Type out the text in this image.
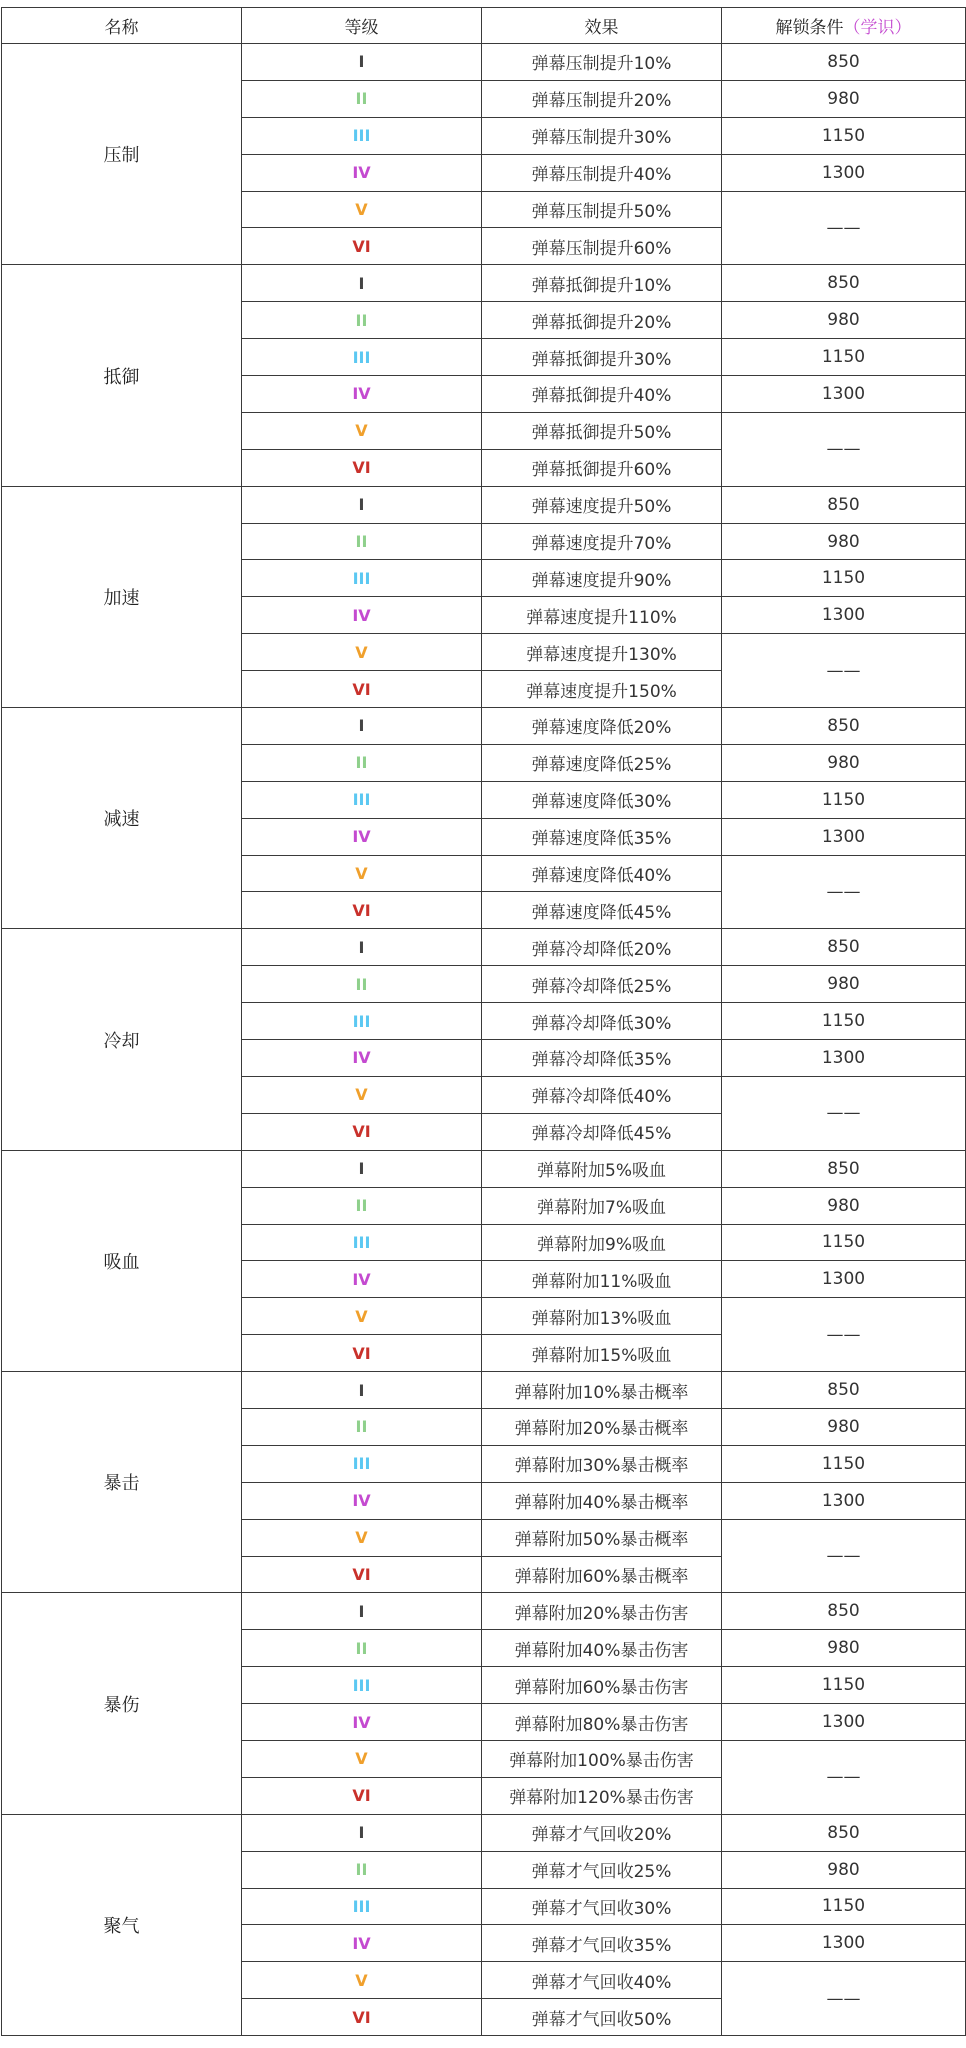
名称	等级	效果	解锁条件（学识）
压制	I	弹幕压制提升10%	850
	II	弹幕压制提升20%	980
	III	弹幕压制提升30%	1150
	IV	弹幕压制提升40%	1300
	V	弹幕压制提升50%	——
	VI	弹幕压制提升60%	
抵御	I	弹幕抵御提升10%	850
	II	弹幕抵御提升20%	980
	III	弹幕抵御提升30%	1150
	IV	弹幕抵御提升40%	1300
	V	弹幕抵御提升50%	——
	VI	弹幕抵御提升60%	
加速	I	弹幕速度提升50%	850
	II	弹幕速度提升70%	980
	III	弹幕速度提升90%	1150
	IV	弹幕速度提升110%	1300
	V	弹幕速度提升130%	——
	VI	弹幕速度提升150%	
减速	I	弹幕速度降低20%	850
	II	弹幕速度降低25%	980
	III	弹幕速度降低30%	1150
	IV	弹幕速度降低35%	1300
	V	弹幕速度降低40%	——
	VI	弹幕速度降低45%	
冷却	I	弹幕冷却降低20%	850
	II	弹幕冷却降低25%	980
	III	弹幕冷却降低30%	1150
	IV	弹幕冷却降低35%	1300
	V	弹幕冷却降低40%	——
	VI	弹幕冷却降低45%	
吸血	I	弹幕附加5%吸血	850
	II	弹幕附加7%吸血	980
	III	弹幕附加9%吸血	1150
	IV	弹幕附加11%吸血	1300
	V	弹幕附加13%吸血	——
	VI	弹幕附加15%吸血	
暴击	I	弹幕附加10%暴击概率	850
	II	弹幕附加20%暴击概率	980
	III	弹幕附加30%暴击概率	1150
	IV	弹幕附加40%暴击概率	1300
	V	弹幕附加50%暴击概率	——
	VI	弹幕附加60%暴击概率	
暴伤	I	弹幕附加20%暴击伤害	850
	II	弹幕附加40%暴击伤害	980
	III	弹幕附加60%暴击伤害	1150
	IV	弹幕附加80%暴击伤害	1300
	V	弹幕附加100%暴击伤害	——
	VI	弹幕附加120%暴击伤害	
聚气	I	弹幕才气回收20%	850
	II	弹幕才气回收25%	980
	III	弹幕才气回收30%	1150
	IV	弹幕才气回收35%	1300
	V	弹幕才气回收40%	——
	VI	弹幕才气回收50%	
